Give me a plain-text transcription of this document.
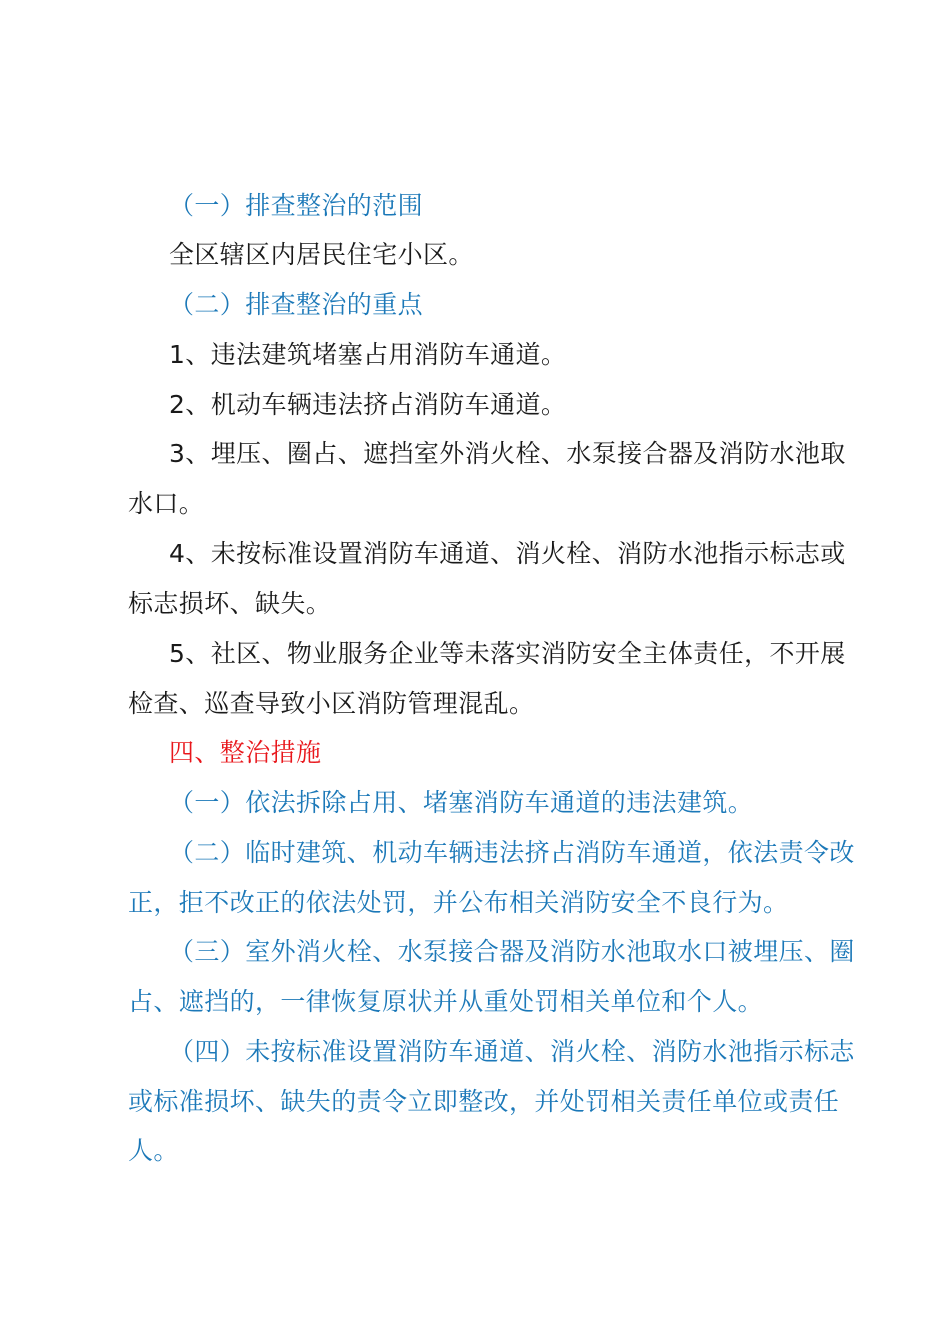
（一）排查整治的范围

全区辖区内居民住宅小区。

（二）排查整治的重点

1、违法建筑堵塞占用消防车通道。

2、机动车辆违法挤占消防车通道。

3、埋压、圈占、遮挡室外消火栓、水泵接合器及消防水池取水口。

4、未按标准设置消防车通道、消火栓、消防水池指示标志或标志损坏、缺失。

5、社区、物业服务企业等未落实消防安全主体责任，不开展检查、巡查导致小区消防管理混乱。

四、整治措施

（一）依法拆除占用、堵塞消防车通道的违法建筑。

（二）临时建筑、机动车辆违法挤占消防车通道，依法责令改正，拒不改正的依法处罚，并公布相关消防安全不良行为。

（三）室外消火栓、水泵接合器及消防水池取水口被埋压、圈占、遮挡的，一律恢复原状并从重处罚相关单位和个人。

（四）未按标准设置消防车通道、消火栓、消防水池指示标志或标准损坏、缺失的责令立即整改，并处罚相关责任单位或责任人。
